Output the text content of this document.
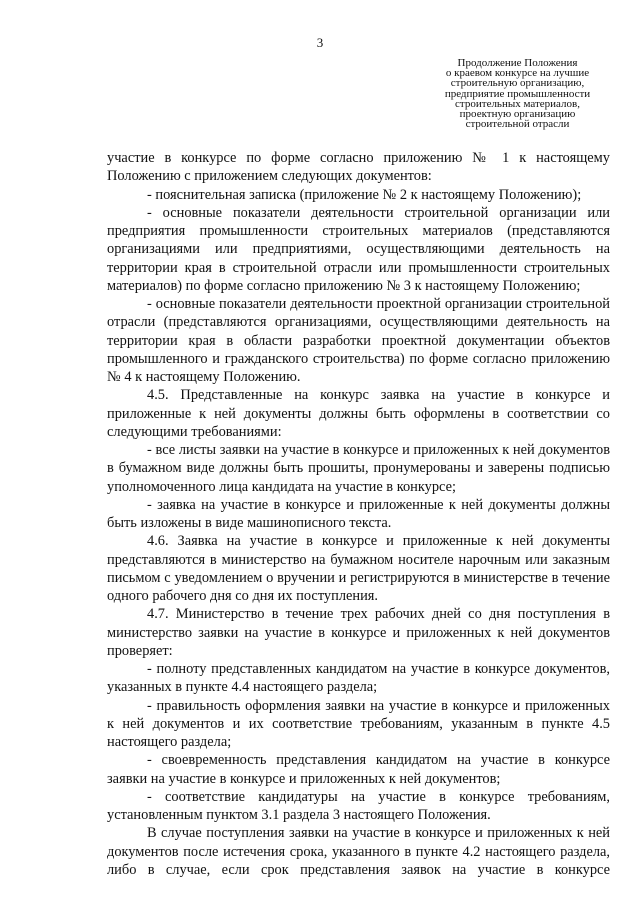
3
Продолжение Положения
о краевом конкурсе на лучшие
строительную организацию,
предприятие промышленности
строительных материалов,
проектную организацию
строительной отрасли

участие в конкурсе по форме согласно приложению № 1 к настоящему Положению с приложением следующих документов:

- пояснительная записка (приложение № 2 к настоящему Положению);

- основные показатели деятельности строительной организации или предприятия промышленности строительных материалов (представляются организациями или предприятиями, осуществляющими деятельность на территории края в строительной отрасли или промышленности строительных материалов) по форме согласно приложению № 3 к настоящему Положению;

- основные показатели деятельности проектной организации строительной отрасли (представляются организациями, осуществляющими деятельность на территории края в области разработки проектной документации объектов промышленного и гражданского строительства) по форме согласно приложению № 4 к настоящему Положению.

4.5. Представленные на конкурс заявка на участие в конкурсе и приложенные к ней документы должны быть оформлены в соответствии со следующими требованиями:

- все листы заявки на участие в конкурсе и приложенных к ней документов в бумажном виде должны быть прошиты, пронумерованы и заверены подписью уполномоченного лица кандидата на участие в конкурсе;

- заявка на участие в конкурсе и приложенные к ней документы должны быть изложены в виде машинописного текста.

4.6. Заявка на участие в конкурсе и приложенные к ней документы представляются в министерство на бумажном носителе нарочным или заказным письмом с уведомлением о вручении и регистрируются в министерстве в течение одного рабочего дня со дня их поступления.

4.7. Министерство в течение трех рабочих дней со дня поступления в министерство заявки на участие в конкурсе и приложенных к ней документов проверяет:

- полноту представленных кандидатом на участие в конкурсе документов, указанных в пункте 4.4 настоящего раздела;

- правильность оформления заявки на участие в конкурсе и приложенных к ней документов и их соответствие требованиям, указанным в пункте 4.5 настоящего раздела;

- своевременность представления кандидатом на участие в конкурсе заявки на участие в конкурсе и приложенных к ней документов;

- соответствие кандидатуры на участие в конкурсе требованиям, установленным пунктом 3.1 раздела 3 настоящего Положения.

В случае поступления заявки на участие в конкурсе и приложенных к ней документов после истечения срока, указанного в пункте 4.2 настоящего раздела, либо в случае, если срок представления заявок на участие в конкурсе
